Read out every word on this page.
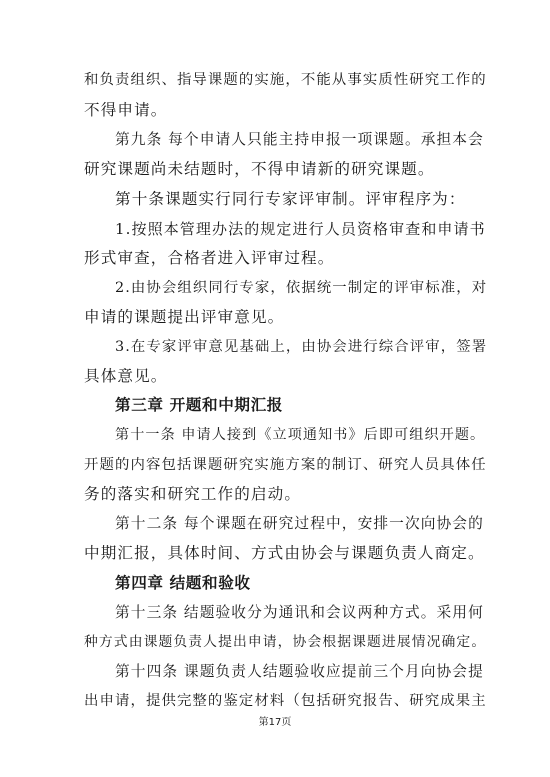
和负责组织、指导课题的实施，不能从事实质性研究工作的
不得申请。
第九条 每个申请人只能主持申报一项课题。承担本会
研究课题尚未结题时，不得申请新的研究课题。
第十条课题实行同行专家评审制。评审程序为：
1.按照本管理办法的规定进行人员资格审查和申请书
形式审查，合格者进入评审过程。
2.由协会组织同行专家，依据统一制定的评审标准，对
申请的课题提出评审意见。
3.在专家评审意见基础上，由协会进行综合评审，签署
具体意见。
第三章 开题和中期汇报
第十一条 申请人接到《立项通知书》后即可组织开题。
开题的内容包括课题研究实施方案的制订、研究人员具体任
务的落实和研究工作的启动。
第十二条 每个课题在研究过程中，安排一次向协会的
中期汇报，具体时间、方式由协会与课题负责人商定。
第四章 结题和验收
第十三条 结题验收分为通讯和会议两种方式。采用何
种方式由课题负责人提出申请，协会根据课题进展情况确定。
第十四条 课题负责人结题验收应提前三个月向协会提
出申请，提供完整的鉴定材料（包括研究报告、研究成果主
第17页
